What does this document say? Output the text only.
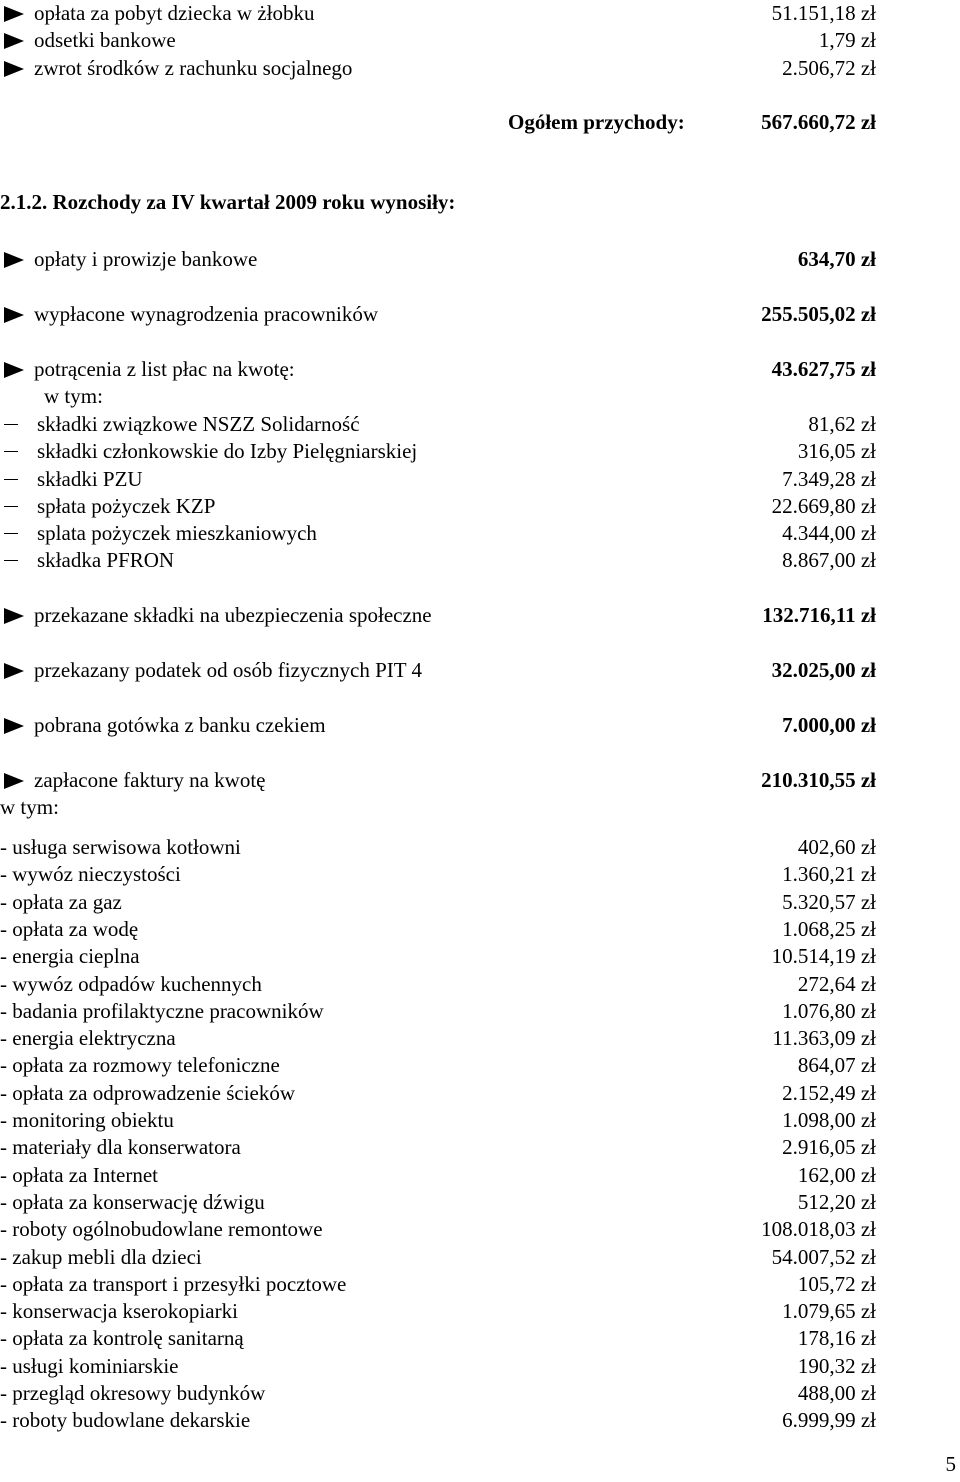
opłata za pobyt dziecka w żłobku	51.151,18 zł
odsetki bankowe	1,79 zł
zwrot środków z rachunku socjalnego	2.506,72 zł
Ogółem przychody:	567.660,72 zł
2.1.2. Rozchody za IV kwartał 2009 roku wynosiły:
opłaty i prowizje bankowe	634,70 zł
wypłacone wynagrodzenia pracowników	255.505,02 zł
potrącenia z list płac na kwotę:	43.627,75 zł
w tym:
składki związkowe NSZZ Solidarność	81,62 zł
składki członkowskie do Izby Pielęgniarskiej	316,05 zł
składki PZU	7.349,28 zł
spłata pożyczek KZP	22.669,80 zł
splata pożyczek mieszkaniowych	4.344,00 zł
składka PFRON	8.867,00 zł
przekazane składki na ubezpieczenia społeczne	132.716,11 zł
przekazany podatek od osób fizycznych PIT 4	32.025,00 zł
pobrana gotówka z banku czekiem	7.000,00 zł
zapłacone faktury na kwotę	210.310,55 zł
w tym:
- usługa serwisowa kotłowni	402,60 zł
- wywóz nieczystości	1.360,21 zł
- opłata za gaz	5.320,57 zł
- opłata za wodę	1.068,25 zł
- energia cieplna	10.514,19 zł
- wywóz odpadów kuchennych	272,64 zł
- badania profilaktyczne pracowników	1.076,80 zł
- energia elektryczna	11.363,09 zł
- opłata za rozmowy telefoniczne	864,07 zł
- opłata za odprowadzenie ścieków	2.152,49 zł
- monitoring obiektu	1.098,00 zł
- materiały dla konserwatora	2.916,05 zł
- opłata za Internet	162,00 zł
- opłata za konserwację dźwigu	512,20 zł
- roboty ogólnobudowlane remontowe	108.018,03 zł
- zakup mebli dla dzieci	54.007,52 zł
- opłata za transport i przesyłki pocztowe	105,72 zł
- konserwacja kserokopiarki	1.079,65 zł
- opłata za kontrolę sanitarną	178,16 zł
- usługi kominiarskie	190,32 zł
- przegląd okresowy budynków	488,00 zł
- roboty budowlane dekarskie	6.999,99 zł
5
